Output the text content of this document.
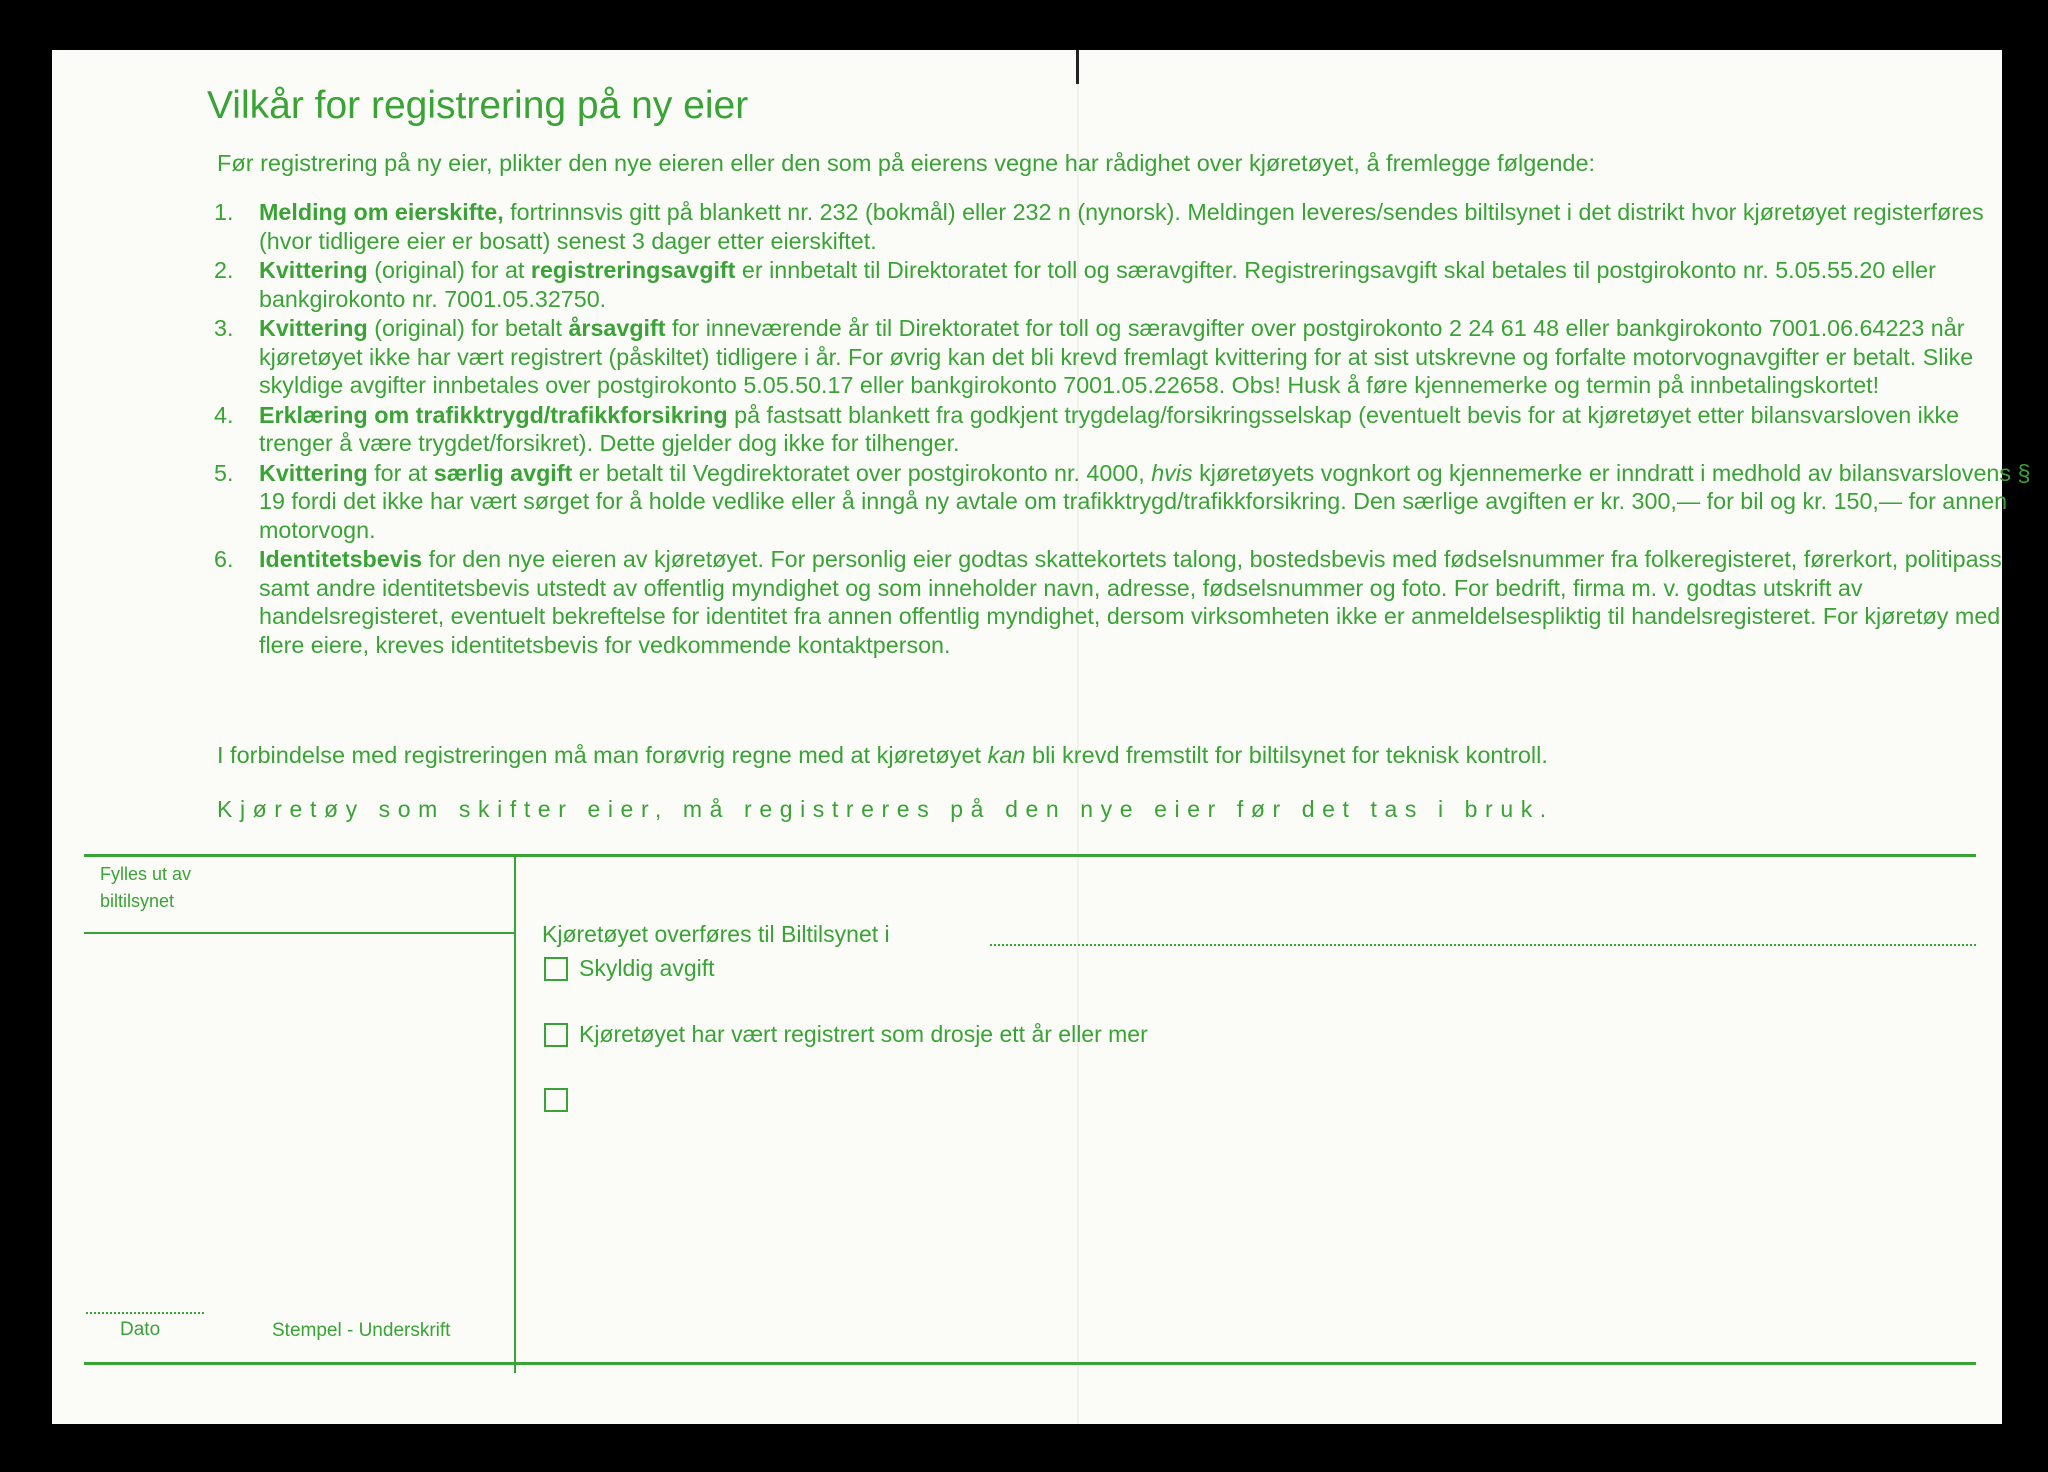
Vilkår for registrering på ny eier
Før registrering på ny eier, plikter den nye eieren eller den som på eierens vegne har rådighet over kjøretøyet, å fremlegge følgende:
1. Melding om eierskifte, fortrinnsvis gitt på blankett nr. 232 (bokmål) eller 232 n (nynorsk). Meldingen leveres/sendes biltilsynet i det distrikt hvor kjøretøyet registerføres (hvor tidligere eier er bosatt) senest 3 dager etter eierskiftet.
2. Kvittering (original) for at registreringsavgift er innbetalt til Direktoratet for toll og særavgifter. Registreringsavgift skal betales til postgirokonto nr. 5.05.55.20 eller bankgirokonto nr. 7001.05.32750.
3. Kvittering (original) for betalt årsavgift for inneværende år til Direktoratet for toll og særavgifter over postgirokonto 2 24 61 48 eller bankgirokonto 7001.06.64223 når kjøretøyet ikke har vært registrert (påskiltet) tidligere i år. For øvrig kan det bli krevd fremlagt kvittering for at sist utskrevne og forfalte motorvognavgifter er betalt. Slike skyldige avgifter innbetales over postgirokonto 5.05.50.17 eller bankgirokonto 7001.05.22658. Obs! Husk å føre kjennemerke og termin på innbetalingskortet!
4. Erklæring om trafikktrygd/trafikkforsikring på fastsatt blankett fra godkjent trygdelag/forsikringsselskap (eventuelt bevis for at kjøretøyet etter bilansvarsloven ikke trenger å være trygdet/forsikret). Dette gjelder dog ikke for tilhenger.
5. Kvittering for at særlig avgift er betalt til Vegdirektoratet over postgirokonto nr. 4000, hvis kjøretøyets vognkort og kjennemerke er inndratt i medhold av bilansvarslovens § 19 fordi det ikke har vært sørget for å holde vedlike eller å inngå ny avtale om trafikktrygd/trafikkforsikring. Den særlige avgiften er kr. 300,— for bil og kr. 150,— for annen motorvogn.
6. Identitetsbevis for den nye eieren av kjøretøyet. For personlig eier godtas skattekortets talong, bostedsbevis med fødselsnummer fra folkeregisteret, førerkort, politipass samt andre identitetsbevis utstedt av offentlig myndighet og som inneholder navn, adresse, fødselsnummer og foto. For bedrift, firma m. v. godtas utskrift av handelsregisteret, eventuelt bekreftelse for identitet fra annen offentlig myndighet, dersom virksomheten ikke er anmeldelsespliktig til handelsregisteret. For kjøretøy med flere eiere, kreves identitetsbevis for vedkommende kontaktperson.
I forbindelse med registreringen må man forøvrig regne med at kjøretøyet kan bli krevd fremstilt for biltilsynet for teknisk kontroll.
Kjøretøy som skifter eier, må registreres på den nye eier før det tas i bruk.
Fylles ut av
biltilsynet
Kjøretøyet overføres til Biltilsynet i
Skyldig avgift
Kjøretøyet har vært registrert som drosje ett år eller mer
Dato	Stempel - Underskrift
